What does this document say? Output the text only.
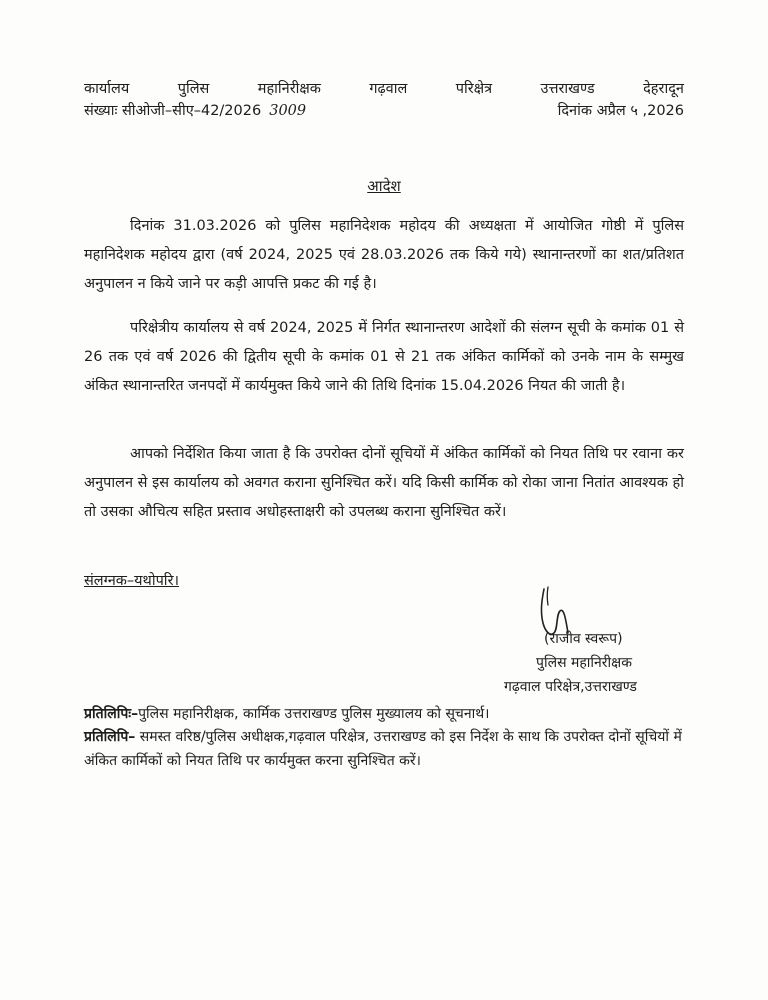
कार्यालय	पुलिस	महानिरीक्षक	गढ़वाल	परिक्षेत्र	उत्तराखण्ड	देहरादून
संख्याः सीओजी–सीए–42/2026 3009	दिनांक अप्रैल ५ ,2026
आदेश

दिनांक 31.03.2026 को पुलिस महानिदेशक महोदय की अध्यक्षता में आयोजित गोष्ठी में पुलिस महानिदेशक महोदय द्वारा (वर्ष 2024, 2025 एवं 28.03.2026 तक किये गये) स्थानान्तरणों का शत/प्रतिशत अनुपालन न किये जाने पर कड़ी आपत्ति प्रकट की गई है।

परिक्षेत्रीय कार्यालय से वर्ष 2024, 2025 में निर्गत स्थानान्तरण आदेशों की संलग्न सूची के कमांक 01 से 26 तक एवं वर्ष 2026 की द्वितीय सूची के कमांक 01 से 21 तक अंकित कार्मिकों को उनके नाम के सम्मुख अंकित स्थानान्तरित जनपदों में कार्यमुक्त किये जाने की तिथि दिनांक 15.04.2026 नियत की जाती है।

आपको निर्देशित किया जाता है कि उपरोक्त दोनों सूचियों में अंकित कार्मिकों को नियत तिथि पर रवाना कर अनुपालन से इस कार्यालय को अवगत कराना सुनिश्चित करें। यदि किसी कार्मिक को रोका जाना नितांत आवश्यक हो तो उसका औचित्य सहित प्रस्ताव अधोहस्ताक्षरी को उपलब्ध कराना सुनिश्चित करें।

संलग्नक–यथोपरि।
(राजीव स्वरूप)
पुलिस महानिरीक्षक
गढ़वाल परिक्षेत्र,उत्तराखण्ड

प्रतिलिपिः–पुलिस महानिरीक्षक, कार्मिक उत्तराखण्ड पुलिस मुख्यालय को सूचनार्थ।

प्रतिलिपि– समस्त वरिष्ठ/पुलिस अधीक्षक,गढ़वाल परिक्षेत्र, उत्तराखण्ड को इस निर्देश के साथ कि उपरोक्त दोनों सूचियों में अंकित कार्मिकों को नियत तिथि पर कार्यमुक्त करना सुनिश्चित करें।
